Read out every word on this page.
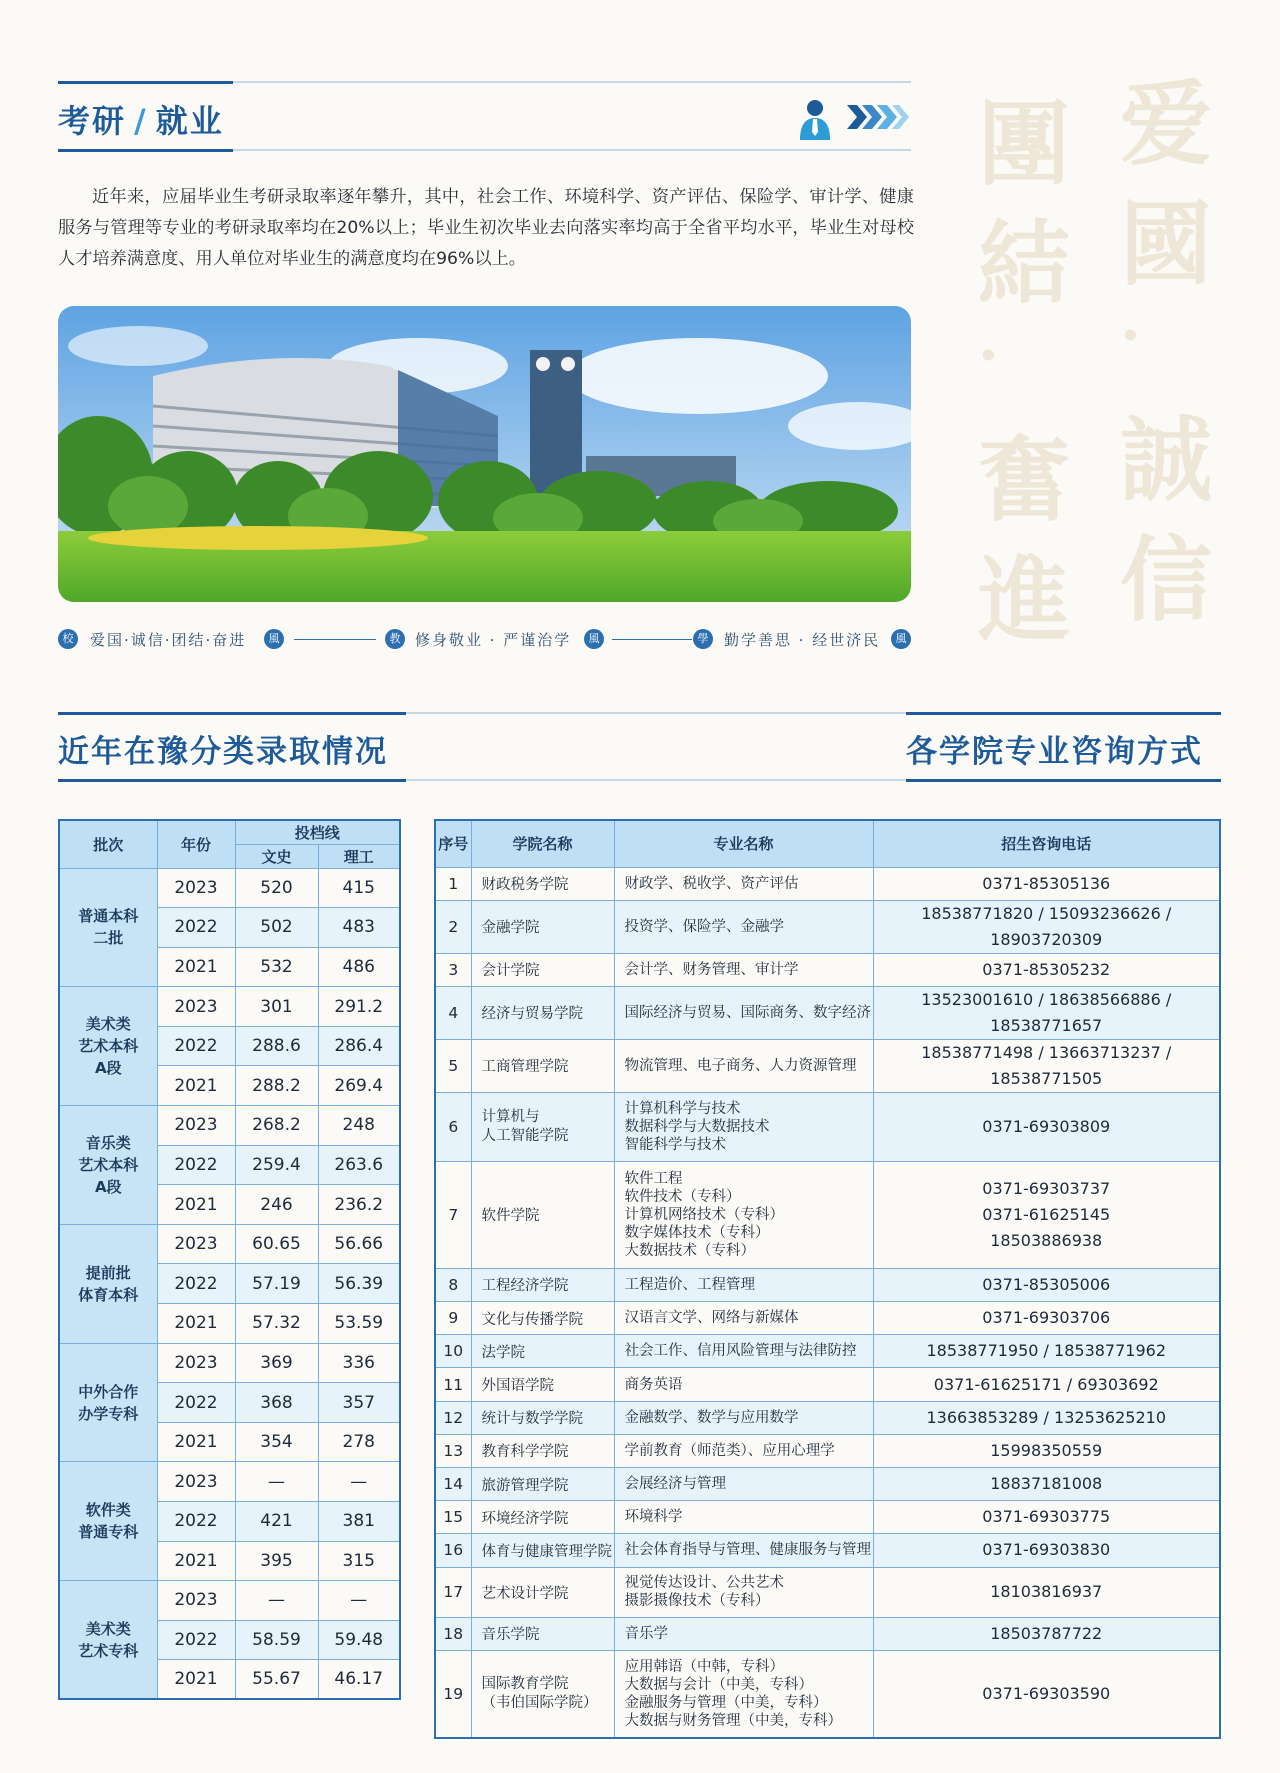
爱
國
·
誠
信
團
結
·
奮
進
考研 / 就业

近年来，应届毕业生考研录取率逐年攀升，其中，社会工作、环境科学、资产评估、保险学、审计学、健康服务与管理等专业的考研录取率均在20%以上；毕业生初次毕业去向落实率均高于全省平均水平，毕业生对母校人才培养满意度、用人单位对毕业生的满意度均在96%以上。

校	爱国·诚信·团结·奋进	風	教 修身敬业 · 严谨治学	風	學	勤学善思 · 经世济民	風
近年在豫分类录取情况	各学院专业咨询方式
批次	年份	投档线	
		文史	理工

普通本科
二批	2023	520	415
	2022	502	483
	2021	532	486

美术类
艺术本科
A段	2023	301	291.2
	2022	288.6	286.4
	2021	288.2	269.4

音乐类
艺术本科
A段	2023	268.2	248
	2022	259.4	263.6
	2021	246	236.2

提前批
体育本科	2023	60.65	56.66
	2022	57.19	56.39
	2021	57.32	53.59

中外合作
办学专科	2023	369	336
	2022	368	357
	2021	354	278

软件类
普通专科	2023	—	—
	2022	421	381
	2021	395	315

美术类
艺术专科	2023	—	—
	2022	58.59	59.48
	2021	55.67	46.17
序号	学院名称	专业名称	招生咨询电话
1	财政税务学院	财政学、税收学、资产评估	0371-85305136

2	金融学院	投资学、保险学、金融学	18538771820 / 15093236626 / 18903720309

3	会计学院	会计学、财务管理、审计学	0371-85305232

4	经济与贸易学院	国际经济与贸易、国际商务、数字经济	13523001610 / 18638566886 / 18538771657

5	工商管理学院	物流管理、电子商务、人力资源管理	18538771498 / 13663713237 / 18538771505

6	计算机与
人工智能学院	计算机科学与技术
数据科学与大数据技术
智能科学与技术	0371-69303809

7	软件学院	软件工程
软件技术（专科）
计算机网络技术（专科）
数字媒体技术（专科）
大数据技术（专科）	0371-69303737
0371-61625145
18503886938

8	工程经济学院	工程造价、工程管理	0371-85305006

9	文化与传播学院	汉语言文学、网络与新媒体	0371-69303706

10	法学院	社会工作、信用风险管理与法律防控	18538771950 / 18538771962

11	外国语学院	商务英语	0371-61625171 / 69303692

12	统计与数学学院	金融数学、数学与应用数学	13663853289 / 13253625210

13	教育科学学院	学前教育（师范类）、应用心理学	15998350559

14	旅游管理学院	会展经济与管理	18837181008

15	环境经济学院	环境科学	0371-69303775

16	体育与健康管理学院	社会体育指导与管理、健康服务与管理	0371-69303830

17	艺术设计学院	视觉传达设计、公共艺术
摄影摄像技术（专科）	18103816937

18	音乐学院	音乐学	18503787722

19	国际教育学院
（韦伯国际学院）	应用韩语（中韩，专科）
大数据与会计（中美，专科）
金融服务与管理（中美，专科）
大数据与财务管理（中美，专科）	0371-69303590
